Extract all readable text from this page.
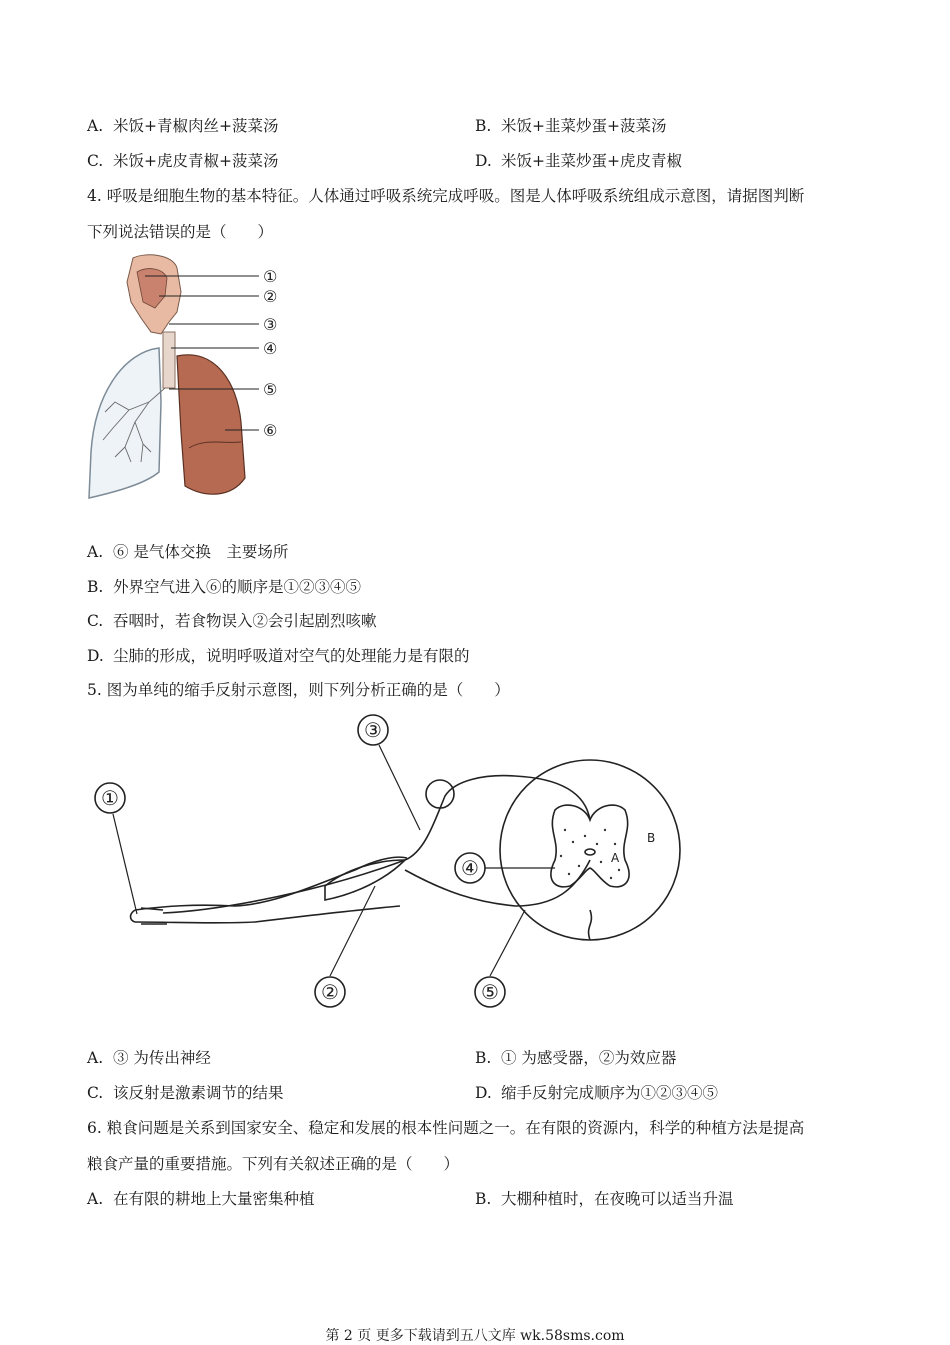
A. 米饭+青椒肉丝+菠菜汤	B. 米饭+韭菜炒蛋+菠菜汤
C. 米饭+虎皮青椒+菠菜汤	D. 米饭+韭菜炒蛋+虎皮青椒
4. 呼吸是细胞生物的基本特征。人体通过呼吸系统完成呼吸。图是人体呼吸系统组成示意图，请据图判断
下列说法错误的是（　　）
①
②
③
④
⑤
⑥
A. ⑥ 是气体交换　主要场所
B. 外界空气进入⑥的顺序是①②③④⑤
C. 吞咽时，若食物误入②会引起剧烈咳嗽
D. 尘肺的形成，说明呼吸道对空气的处理能力是有限的
5. 图为单纯的缩手反射示意图，则下列分析正确的是（　　）
①
②
③
④
⑤
A
B
A. ③ 为传出神经	B. ① 为感受器，②为效应器
C. 该反射是激素调节的结果	D. 缩手反射完成顺序为①②③④⑤
6. 粮食问题是关系到国家安全、稳定和发展的根本性问题之一。在有限的资源内，科学的种植方法是提高
粮食产量的重要措施。下列有关叙述正确的是（　　）
A. 在有限的耕地上大量密集种植	B. 大棚种植时，在夜晚可以适当升温
第 2 页 更多下载请到五八文库 wk.58sms.com
